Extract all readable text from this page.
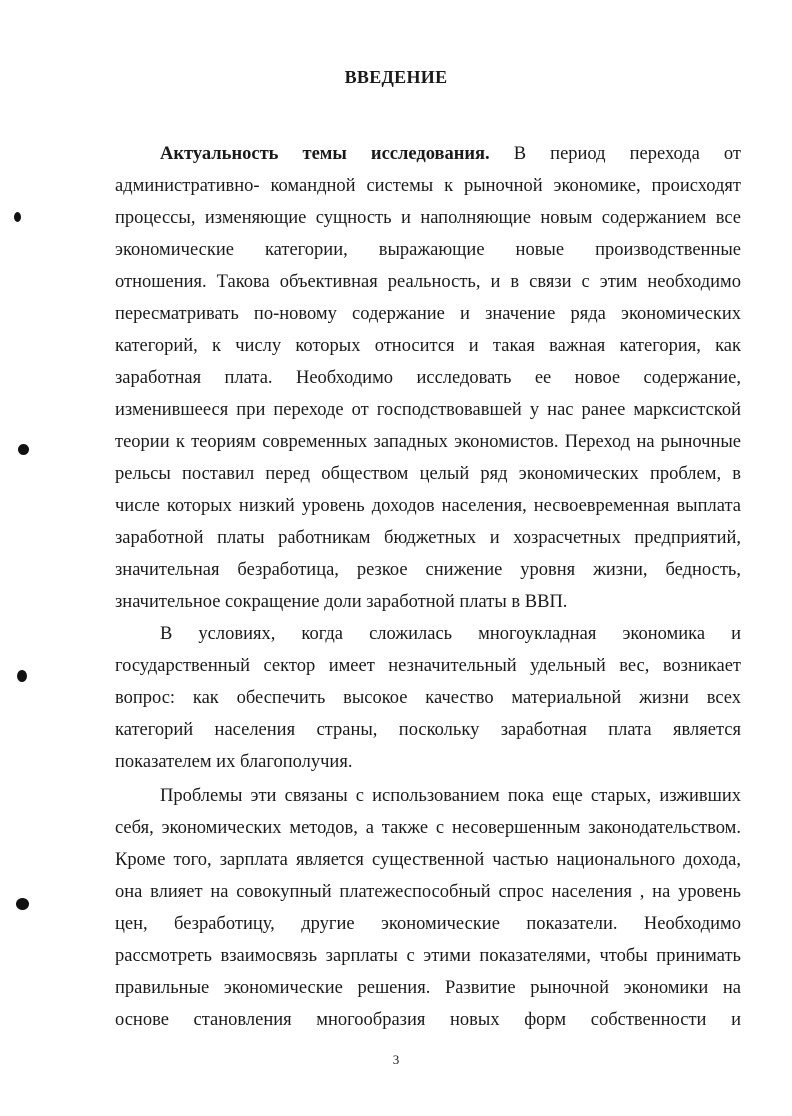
ВВЕДЕНИЕ
Актуальность темы исследования. В период перехода от
административно- командной системы к рыночной экономике, происходят
процессы, изменяющие сущность и наполняющие новым содержанием все
экономические категории, выражающие новые производственные
отношения. Такова объективная реальность, и в связи с этим необходимо
пересматривать по-новому содержание и значение ряда экономических
категорий, к числу которых относится и такая важная категория, как
заработная плата. Необходимо исследовать ее новое содержание,
изменившееся при переходе от господствовавшей у нас ранее марксистской
теории к теориям современных западных экономистов. Переход на рыночные
рельсы поставил перед обществом целый ряд экономических проблем, в
числе которых низкий уровень доходов населения, несвоевременная выплата
заработной платы работникам бюджетных и хозрасчетных предприятий,
значительная безработица, резкое снижение уровня жизни, бедность,
значительное сокращение доли заработной платы в ВВП.
В условиях, когда сложилась многоукладная экономика и
государственный сектор имеет незначительный удельный вес, возникает
вопрос: как обеспечить высокое качество материальной жизни всех
категорий населения страны, поскольку заработная плата является
показателем их благополучия.
Проблемы эти связаны с использованием пока еще старых, изживших
себя, экономических методов, а также с несовершенным законодательством.
Кроме того, зарплата является существенной частью национального дохода,
она влияет на совокупный платежеспособный спрос населения , на уровень
цен, безработицу, другие экономические показатели. Необходимо
рассмотреть взаимосвязь зарплаты с этими показателями, чтобы принимать
правильные экономические решения. Развитие рыночной экономики на
основе становления многообразия новых форм собственности и
3
